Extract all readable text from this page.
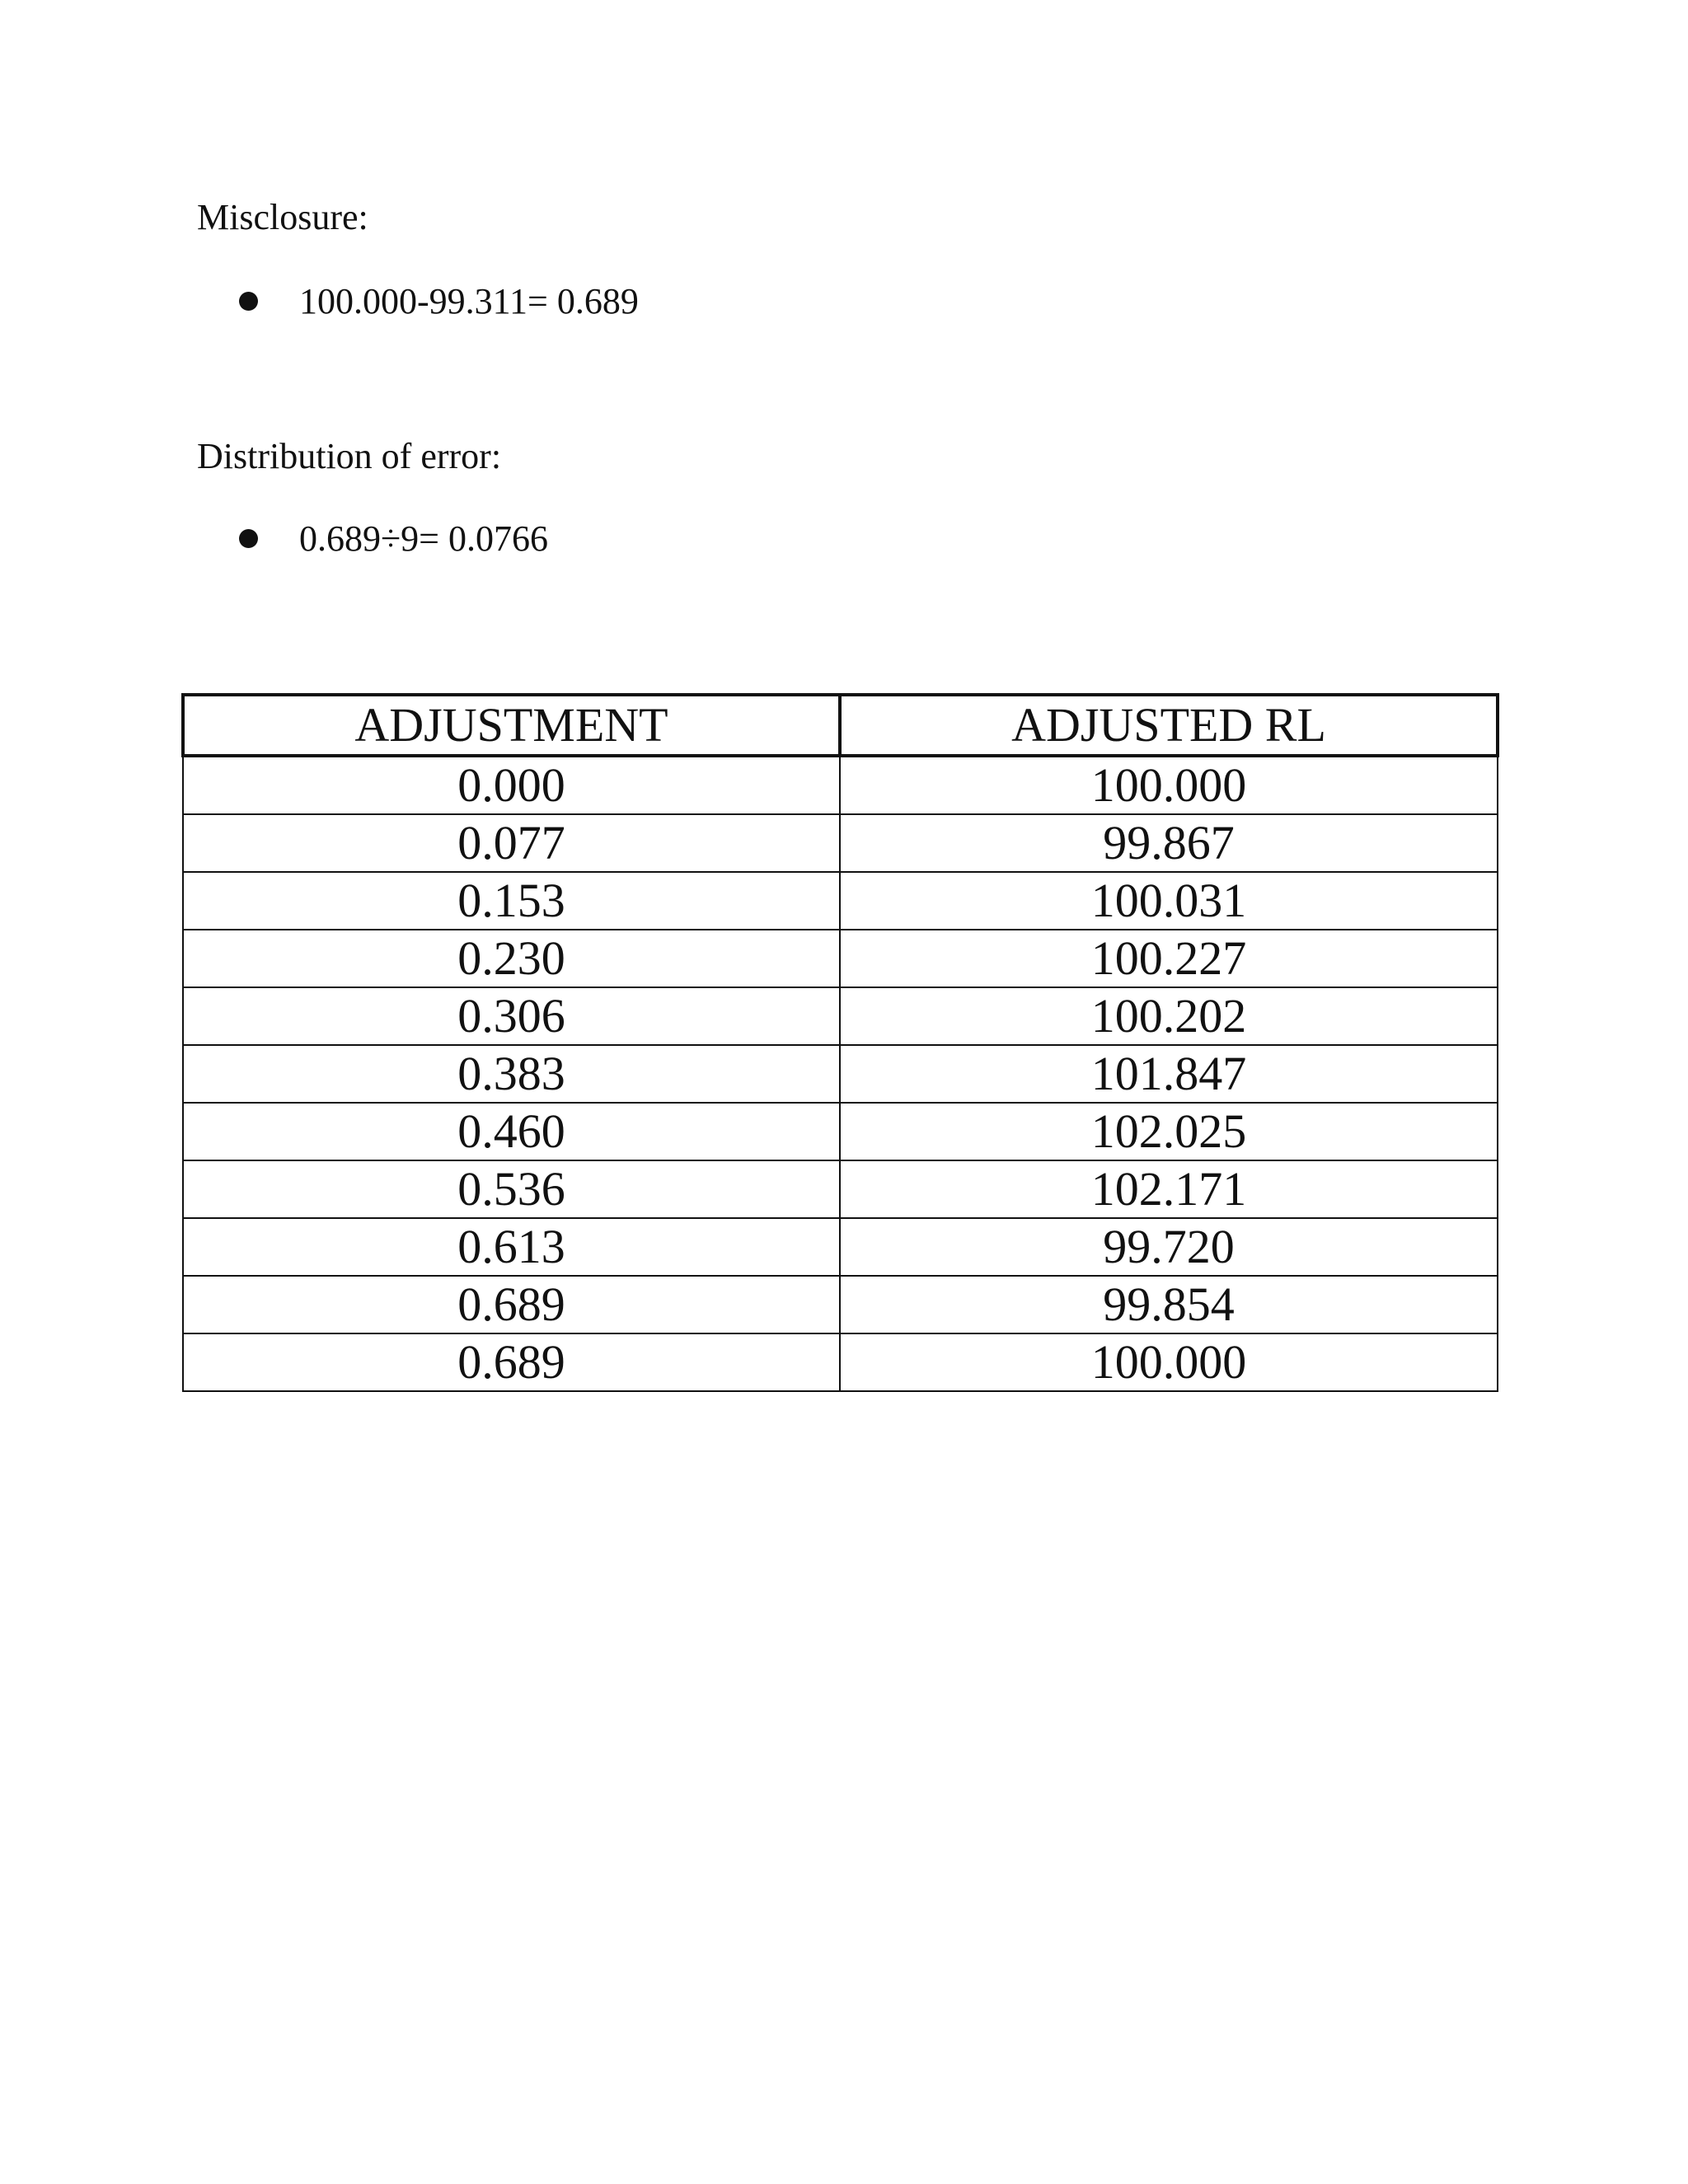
Misclosure:
100.000-99.311= 0.689
Distribution of error:
0.689÷9= 0.0766
ADJUSTMENT	ADJUSTED RL
0.000	100.000
0.077	99.867
0.153	100.031
0.230	100.227
0.306	100.202
0.383	101.847
0.460	102.025
0.536	102.171
0.613	99.720
0.689	99.854
0.689	100.000
